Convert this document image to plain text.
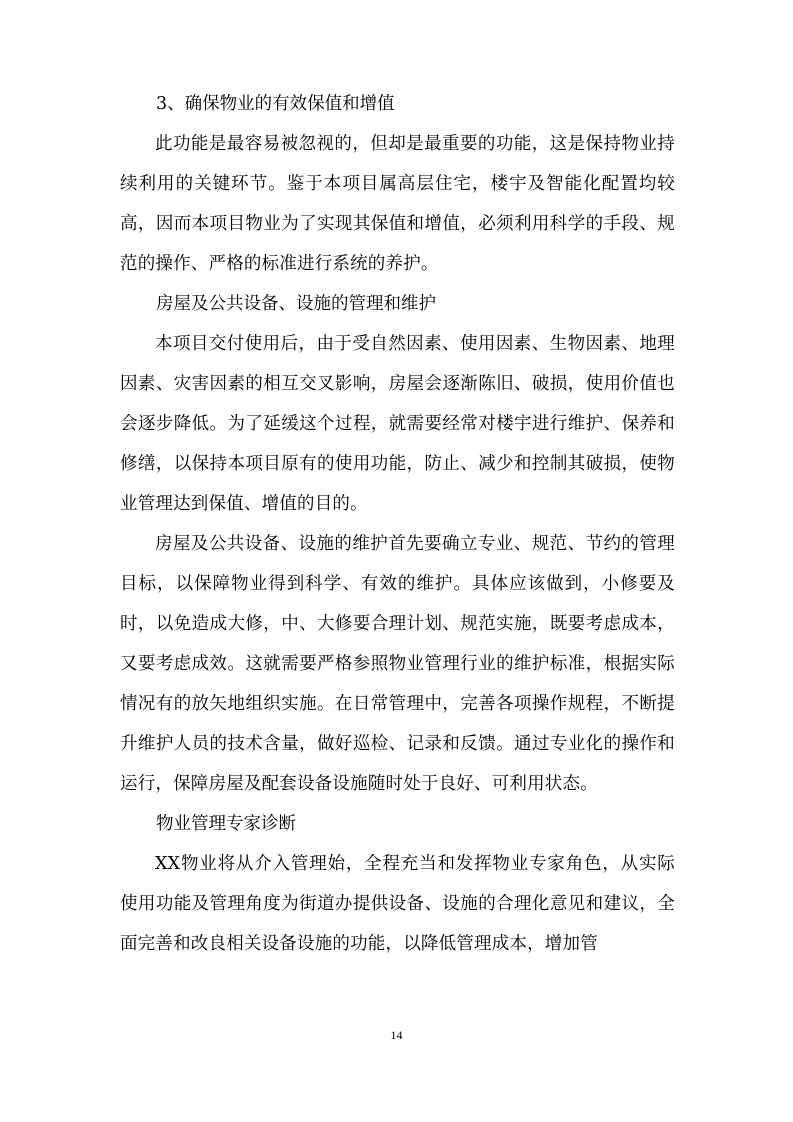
3、确保物业的有效保值和增值

此功能是最容易被忽视的，但却是最重要的功能，这是保持物业持续利用的关键环节。鉴于本项目属高层住宅，楼宇及智能化配置均较高，因而本项目物业为了实现其保值和增值，必须利用科学的手段、规范的操作、严格的标准进行系统的养护。

房屋及公共设备、设施的管理和维护

本项目交付使用后，由于受自然因素、使用因素、生物因素、地理因素、灾害因素的相互交叉影响，房屋会逐渐陈旧、破损，使用价值也会逐步降低。为了延缓这个过程，就需要经常对楼宇进行维护、保养和修缮，以保持本项目原有的使用功能，防止、减少和控制其破损，使物业管理达到保值、增值的目的。

房屋及公共设备、设施的维护首先要确立专业、规范、节约的管理目标，以保障物业得到科学、有效的维护。具体应该做到，小修要及时，以免造成大修，中、大修要合理计划、规范实施，既要考虑成本，又要考虑成效。这就需要严格参照物业管理行业的维护标准，根据实际情况有的放矢地组织实施。在日常管理中，完善各项操作规程，不断提升维护人员的技术含量，做好巡检、记录和反馈。通过专业化的操作和运行，保障房屋及配套设备设施随时处于良好、可利用状态。

物业管理专家诊断

XX物业将从介入管理始，全程充当和发挥物业专家角色，从实际使用功能及管理角度为街道办提供设备、设施的合理化意见和建议，全面完善和改良相关设备设施的功能，以降低管理成本，增加管

14
